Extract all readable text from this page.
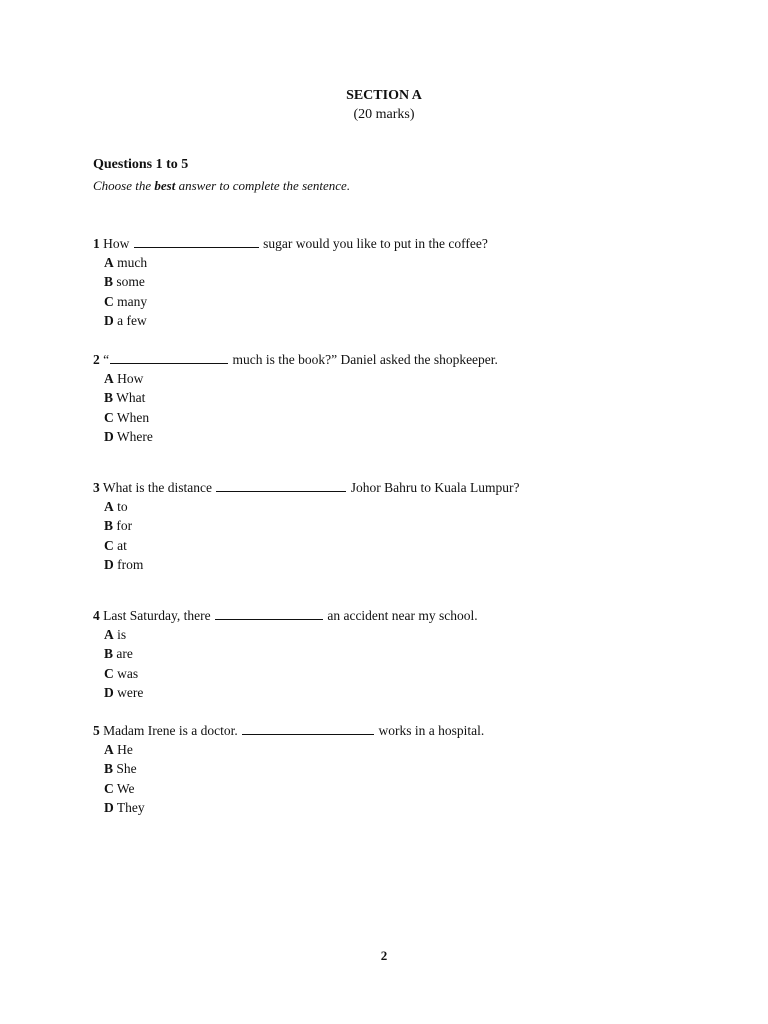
SECTION A
(20 marks)
Questions 1 to 5
Choose the best answer to complete the sentence.
1 How	sugar would you like to put in the coffee?
A much
B some
C many
D a few
2 “	much is the book?” Daniel asked the shopkeeper.
A How
B What
C When
D Where
3 What is the distance	Johor Bahru to Kuala Lumpur?
A to
B for
C at
D from
4 Last Saturday, there	an accident near my school.
A is
B are
C was
D were
5 Madam Irene is a doctor.	works in a hospital.
A He
B She
C We
D They
2
